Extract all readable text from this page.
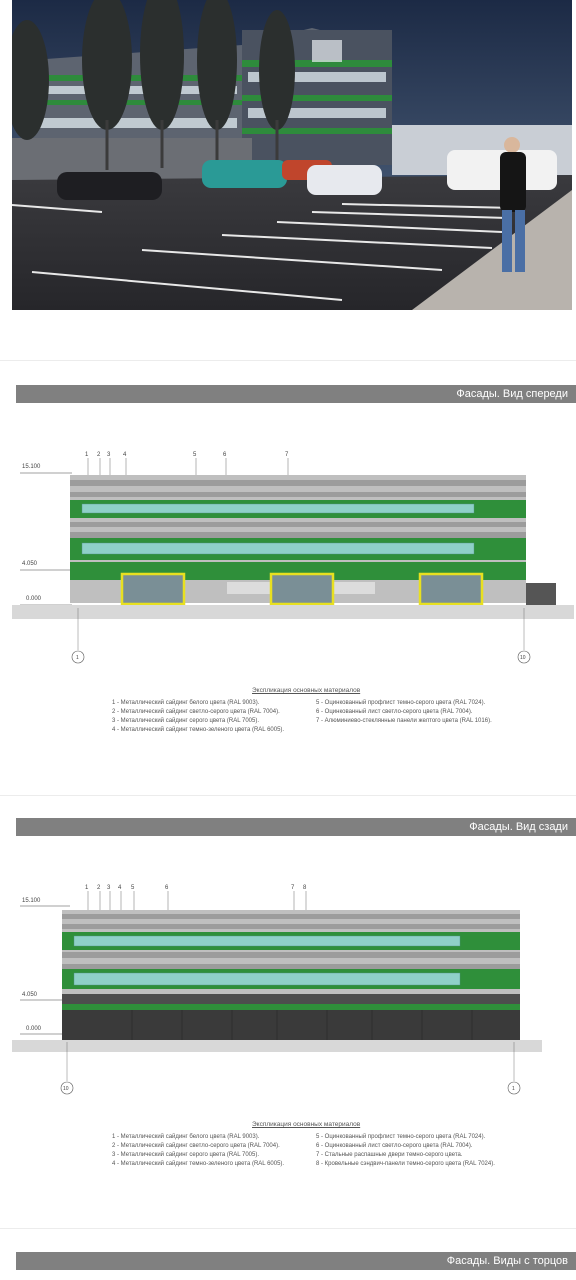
Фасады. Вид спереди
15.100
4.050
0.000
1 2 3 4	5	6	7
1	10
Экспликация основных материалов
1 - Металлический сайдинг белого цвета (RAL 9003).
2 - Металлический сайдинг светло-серого цвета (RAL 7004).
3 - Металлический сайдинг серого цвета (RAL 7005).
4 - Металлический сайдинг темно-зеленого цвета (RAL 6005).
5 - Оцинкованный профлист темно-серого цвета (RAL 7024).
6 - Оцинкованный лист светло-серого цвета (RAL 7004).
7 - Алюминиево-стеклянные панели желтого цвета (RAL 1016).
Фасады. Вид сзади
15.100
4.050
0.000
1 2 3 4 5	6	7 8
10	1
Экспликация основных материалов
1 - Металлический сайдинг белого цвета (RAL 9003).
2 - Металлический сайдинг светло-серого цвета (RAL 7004).
3 - Металлический сайдинг серого цвета (RAL 7005).
4 - Металлический сайдинг темно-зеленого цвета (RAL 6005).
5 - Оцинкованный профлист темно-серого цвета (RAL 7024).
6 - Оцинкованный лист светло-серого цвета (RAL 7004).
7 - Стальные распашные двери темно-серого цвета.
8 - Кровельные сэндвич-панели темно-серого цвета (RAL 7024).
Фасады. Виды с торцов
